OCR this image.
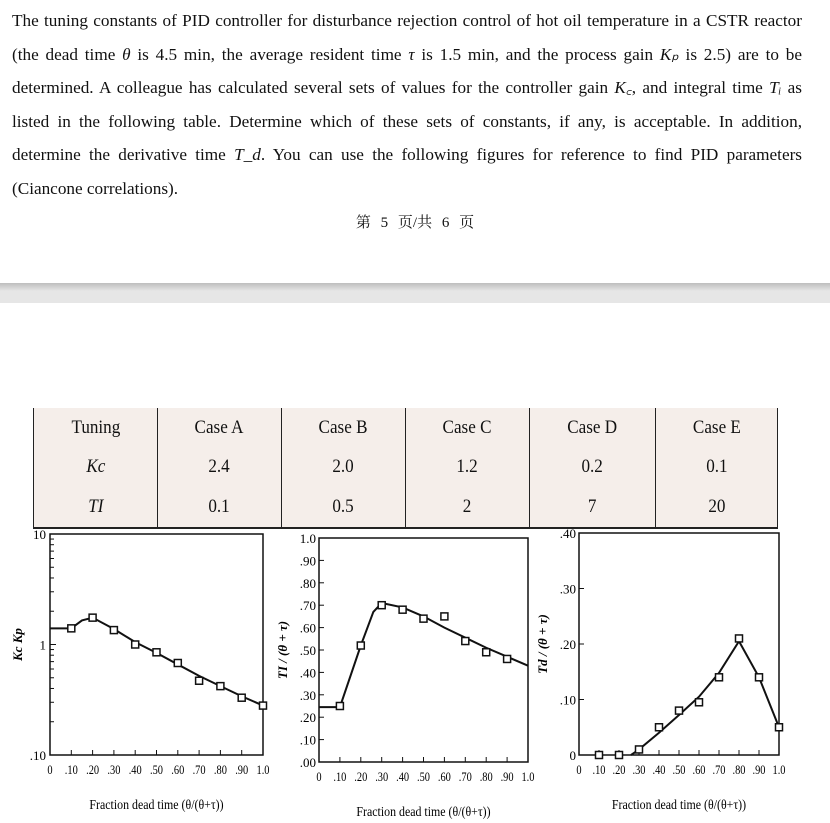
The tuning constants of PID controller for disturbance rejection control of hot oil temperature in a CSTR reactor (the dead time θ is 4.5 min, the average resident time τ is 1.5 min, and the process gain Kₚ is 2.5) are to be determined. A colleague has calculated several sets of values for the controller gain K꜀, and integral time Tᵢ as listed in the following table. Determine which of these sets of constants, if any, is acceptable. In addition, determine the derivative time T_d. You can use the following figures for reference to find PID parameters (Ciancone correlations).

第 5 页/共 6 页
Tuning	Case A	Case B	Case C	Case D	Case E
Kc	2.4	2.0	1.2	0.2	0.1
TI	0.1	0.5	2	7	20
0 .10 .20 .30 .40 .50 .60 .70 .80 .90 1.0
.10
1
10
Kc Kp
Fraction dead time (θ/(θ+τ))
0 .10 .20 .30 .40 .50 .60 .70 .80 .90 1.0
.00
.10
.20
.30
.40
.50
.60
.70
.80
.90
1.0
TI / (θ + τ)
Fraction dead time (θ/(θ+τ))
0 .10 .20 .30 .40 .50 .60 .70 .80 .90 1.0
0
.10
.20
.30
.40
Td / (θ + τ)
Fraction dead time (θ/(θ+τ))
